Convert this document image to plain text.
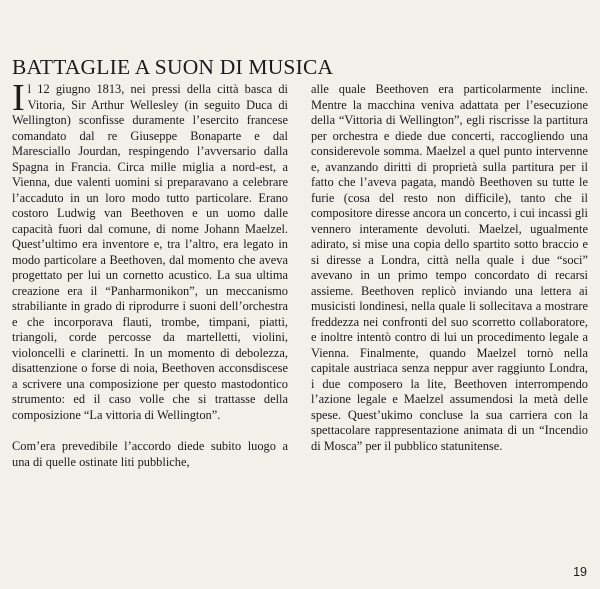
BATTAGLIE A SUON DI MUSICA

Il 12 giugno 1813, nei pressi della città basca di Vitoria, Sir Arthur Wellesley (in seguito Duca di Wellington) sconfisse duramente l’esercito francese comandato dal re Giuseppe Bonaparte e dal Maresciallo Jourdan, respingendo l’avversario dalla Spagna in Francia. Circa mille miglia a nord-est, a Vienna, due valenti uomini si preparavano a celebrare l’accaduto in un loro modo tutto particolare. Erano costoro Ludwig van Beethoven e un uomo dalle capacità fuori dal comune, di nome Johann Maelzel. Quest’ultimo era inventore e, tra l’altro, era legato in modo particolare a Beethoven, dal momento che aveva progettato per lui un cornetto acustico. La sua ultima creazione era il “Panharmonikon”, un meccanismo strabiliante in grado di riprodurre i suoni dell’orchestra e che incorporava flauti, trombe, timpani, piatti, triangoli, corde percosse da martelletti, violini, violoncelli e clarinetti. In un momento di debolezza, disattenzione o forse di noia, Beethoven acconsdiscese a scrivere una composizione per questo mastodontico strumento: ed il caso volle che si trattasse della composizione “La vittoria di Wellington”.

Com’era prevedibile l’accordo diede subito luogo a una di quelle ostinate liti pubbliche,

alle quale Beethoven era particolarmente incline. Mentre la macchina veniva adattata per l’esecuzione della “Vittoria di Wellington”, egli riscrisse la partitura per orchestra e diede due concerti, raccogliendo una considerevole somma. Maelzel a quel punto intervenne e, avanzando diritti di proprietà sulla partitura per il fatto che l’aveva pagata, mandò Beethoven su tutte le furie (cosa del resto non difficile), tanto che il compositore diresse ancora un concerto, i cui incassi gli vennero interamente devoluti. Maelzel, ugualmente adirato, si mise una copia dello spartito sotto braccio e si diresse a Londra, città nella quale i due “soci” avevano in un primo tempo concordato di recarsi assieme. Beethoven replicò inviando una lettera ai musicisti londinesi, nella quale li sollecitava a mostrare freddezza nei confronti del suo scorretto collaboratore, e inoltre intentò contro di lui un procedimento legale a Vienna. Finalmente, quando Maelzel tornò nella capitale austriaca senza neppur aver raggiunto Londra, i due composero la lite, Beethoven interrompendo l’azione legale e Maelzel assumendosi la metà delle spese. Quest’ukimo concluse la sua carriera con la spettacolare rappresentazione animata di un “Incendio di Mosca” per il pubblico statunitense.

19
